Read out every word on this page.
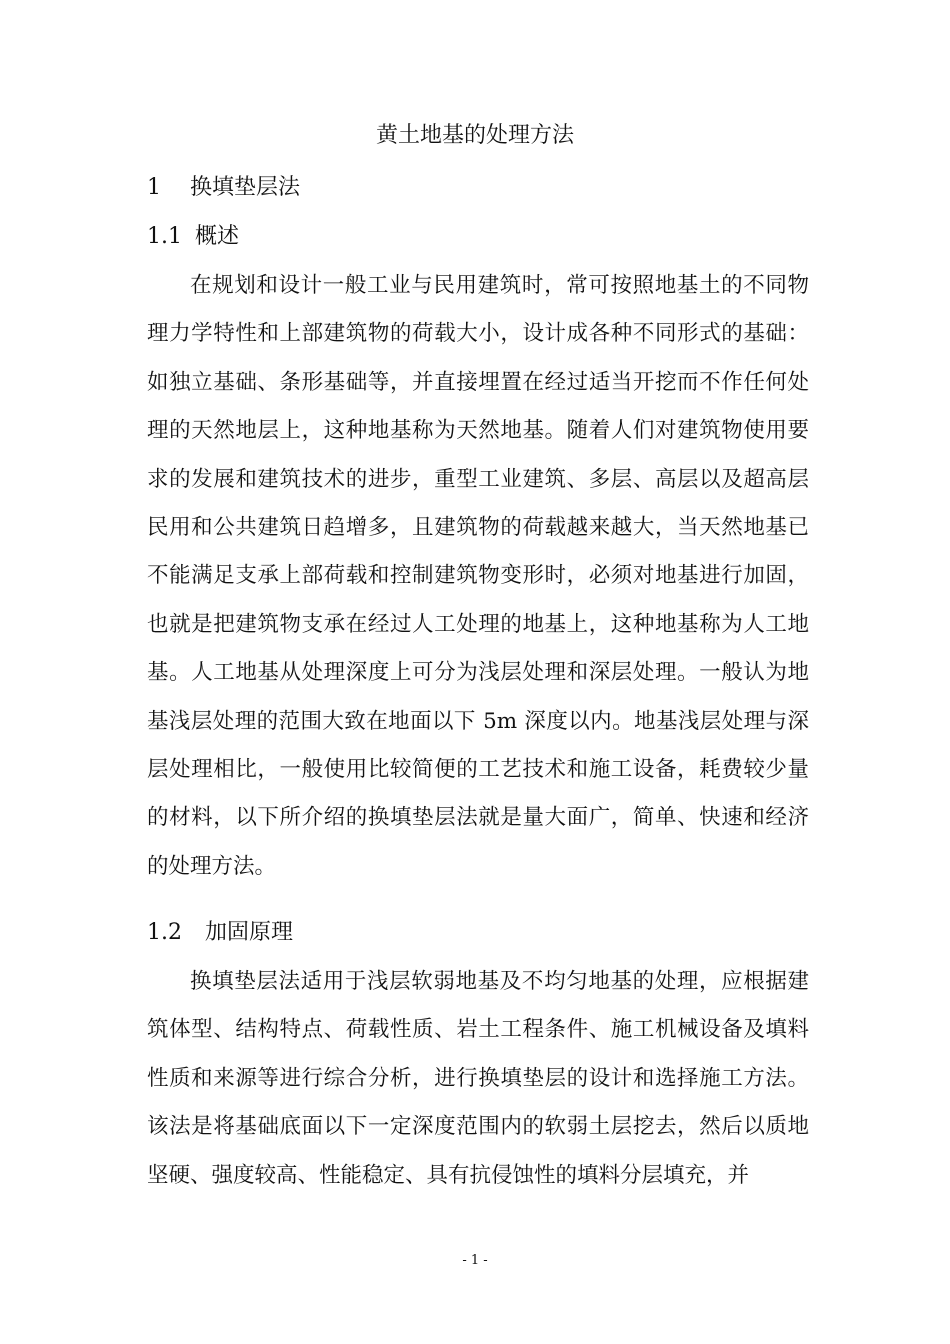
黄土地基的处理方法
1 换填垫层法
1.1 概述

在规划和设计一般工业与民用建筑时，常可按照地基土的不同物理力学特性和上部建筑物的荷载大小，设计成各种不同形式的基础：如独立基础、条形基础等，并直接埋置在经过适当开挖而不作任何处理的天然地层上，这种地基称为天然地基。随着人们对建筑物使用要求的发展和建筑技术的进步，重型工业建筑、多层、高层以及超高层民用和公共建筑日趋增多，且建筑物的荷载越来越大，当天然地基已不能满足支承上部荷载和控制建筑物变形时，必须对地基进行加固，也就是把建筑物支承在经过人工处理的地基上，这种地基称为人工地基。人工地基从处理深度上可分为浅层处理和深层处理。一般认为地基浅层处理的范围大致在地面以下 5m 深度以内。地基浅层处理与深层处理相比，一般使用比较简便的工艺技术和施工设备，耗费较少量的材料，以下所介绍的换填垫层法就是量大面广，简单、快速和经济的处理方法。

1.2 加固原理

换填垫层法适用于浅层软弱地基及不均匀地基的处理，应根据建筑体型、结构特点、荷载性质、岩土工程条件、施工机械设备及填料性质和来源等进行综合分析，进行换填垫层的设计和选择施工方法。该法是将基础底面以下一定深度范围内的软弱土层挖去，然后以质地坚硬、强度较高、性能稳定、具有抗侵蚀性的填料分层填充，并

- 1 -
